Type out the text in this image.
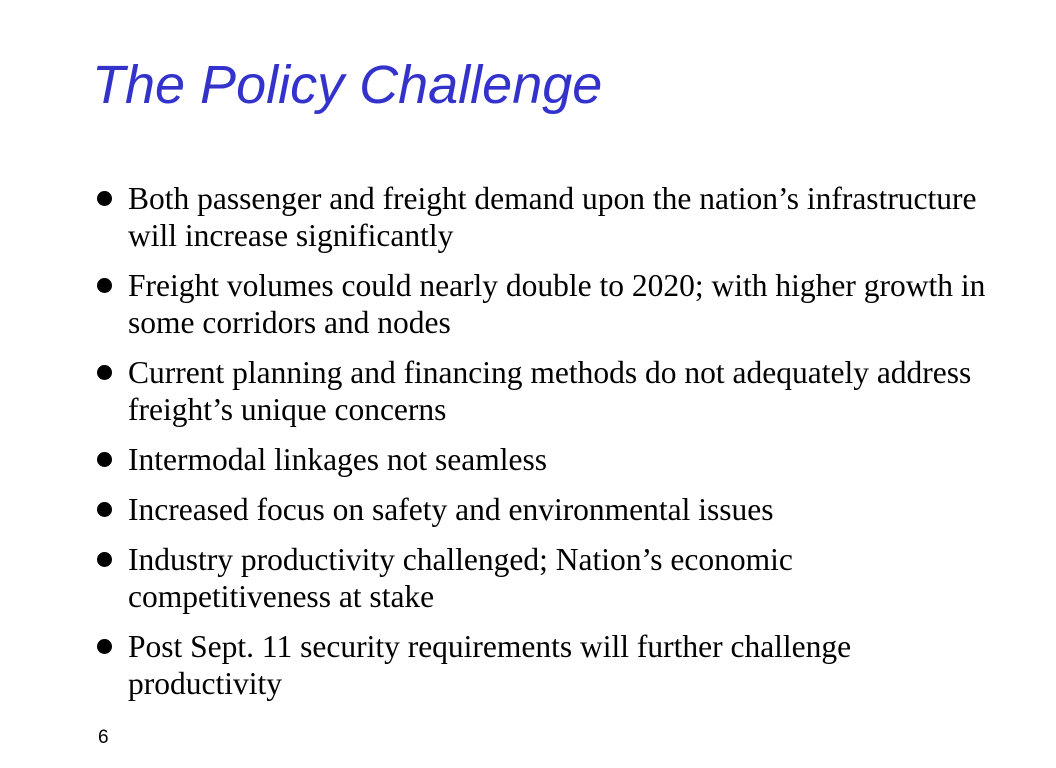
The Policy Challenge
Both passenger and freight demand upon the nation’s infrastructure will increase significantly
Freight volumes could nearly double to 2020; with higher growth in some corridors and nodes
Current planning and financing methods do not adequately address freight’s unique concerns
Intermodal linkages not seamless
Increased focus on safety and environmental issues
Industry productivity challenged; Nation’s economic competitiveness at stake
Post Sept. 11 security requirements will further challenge productivity
6
